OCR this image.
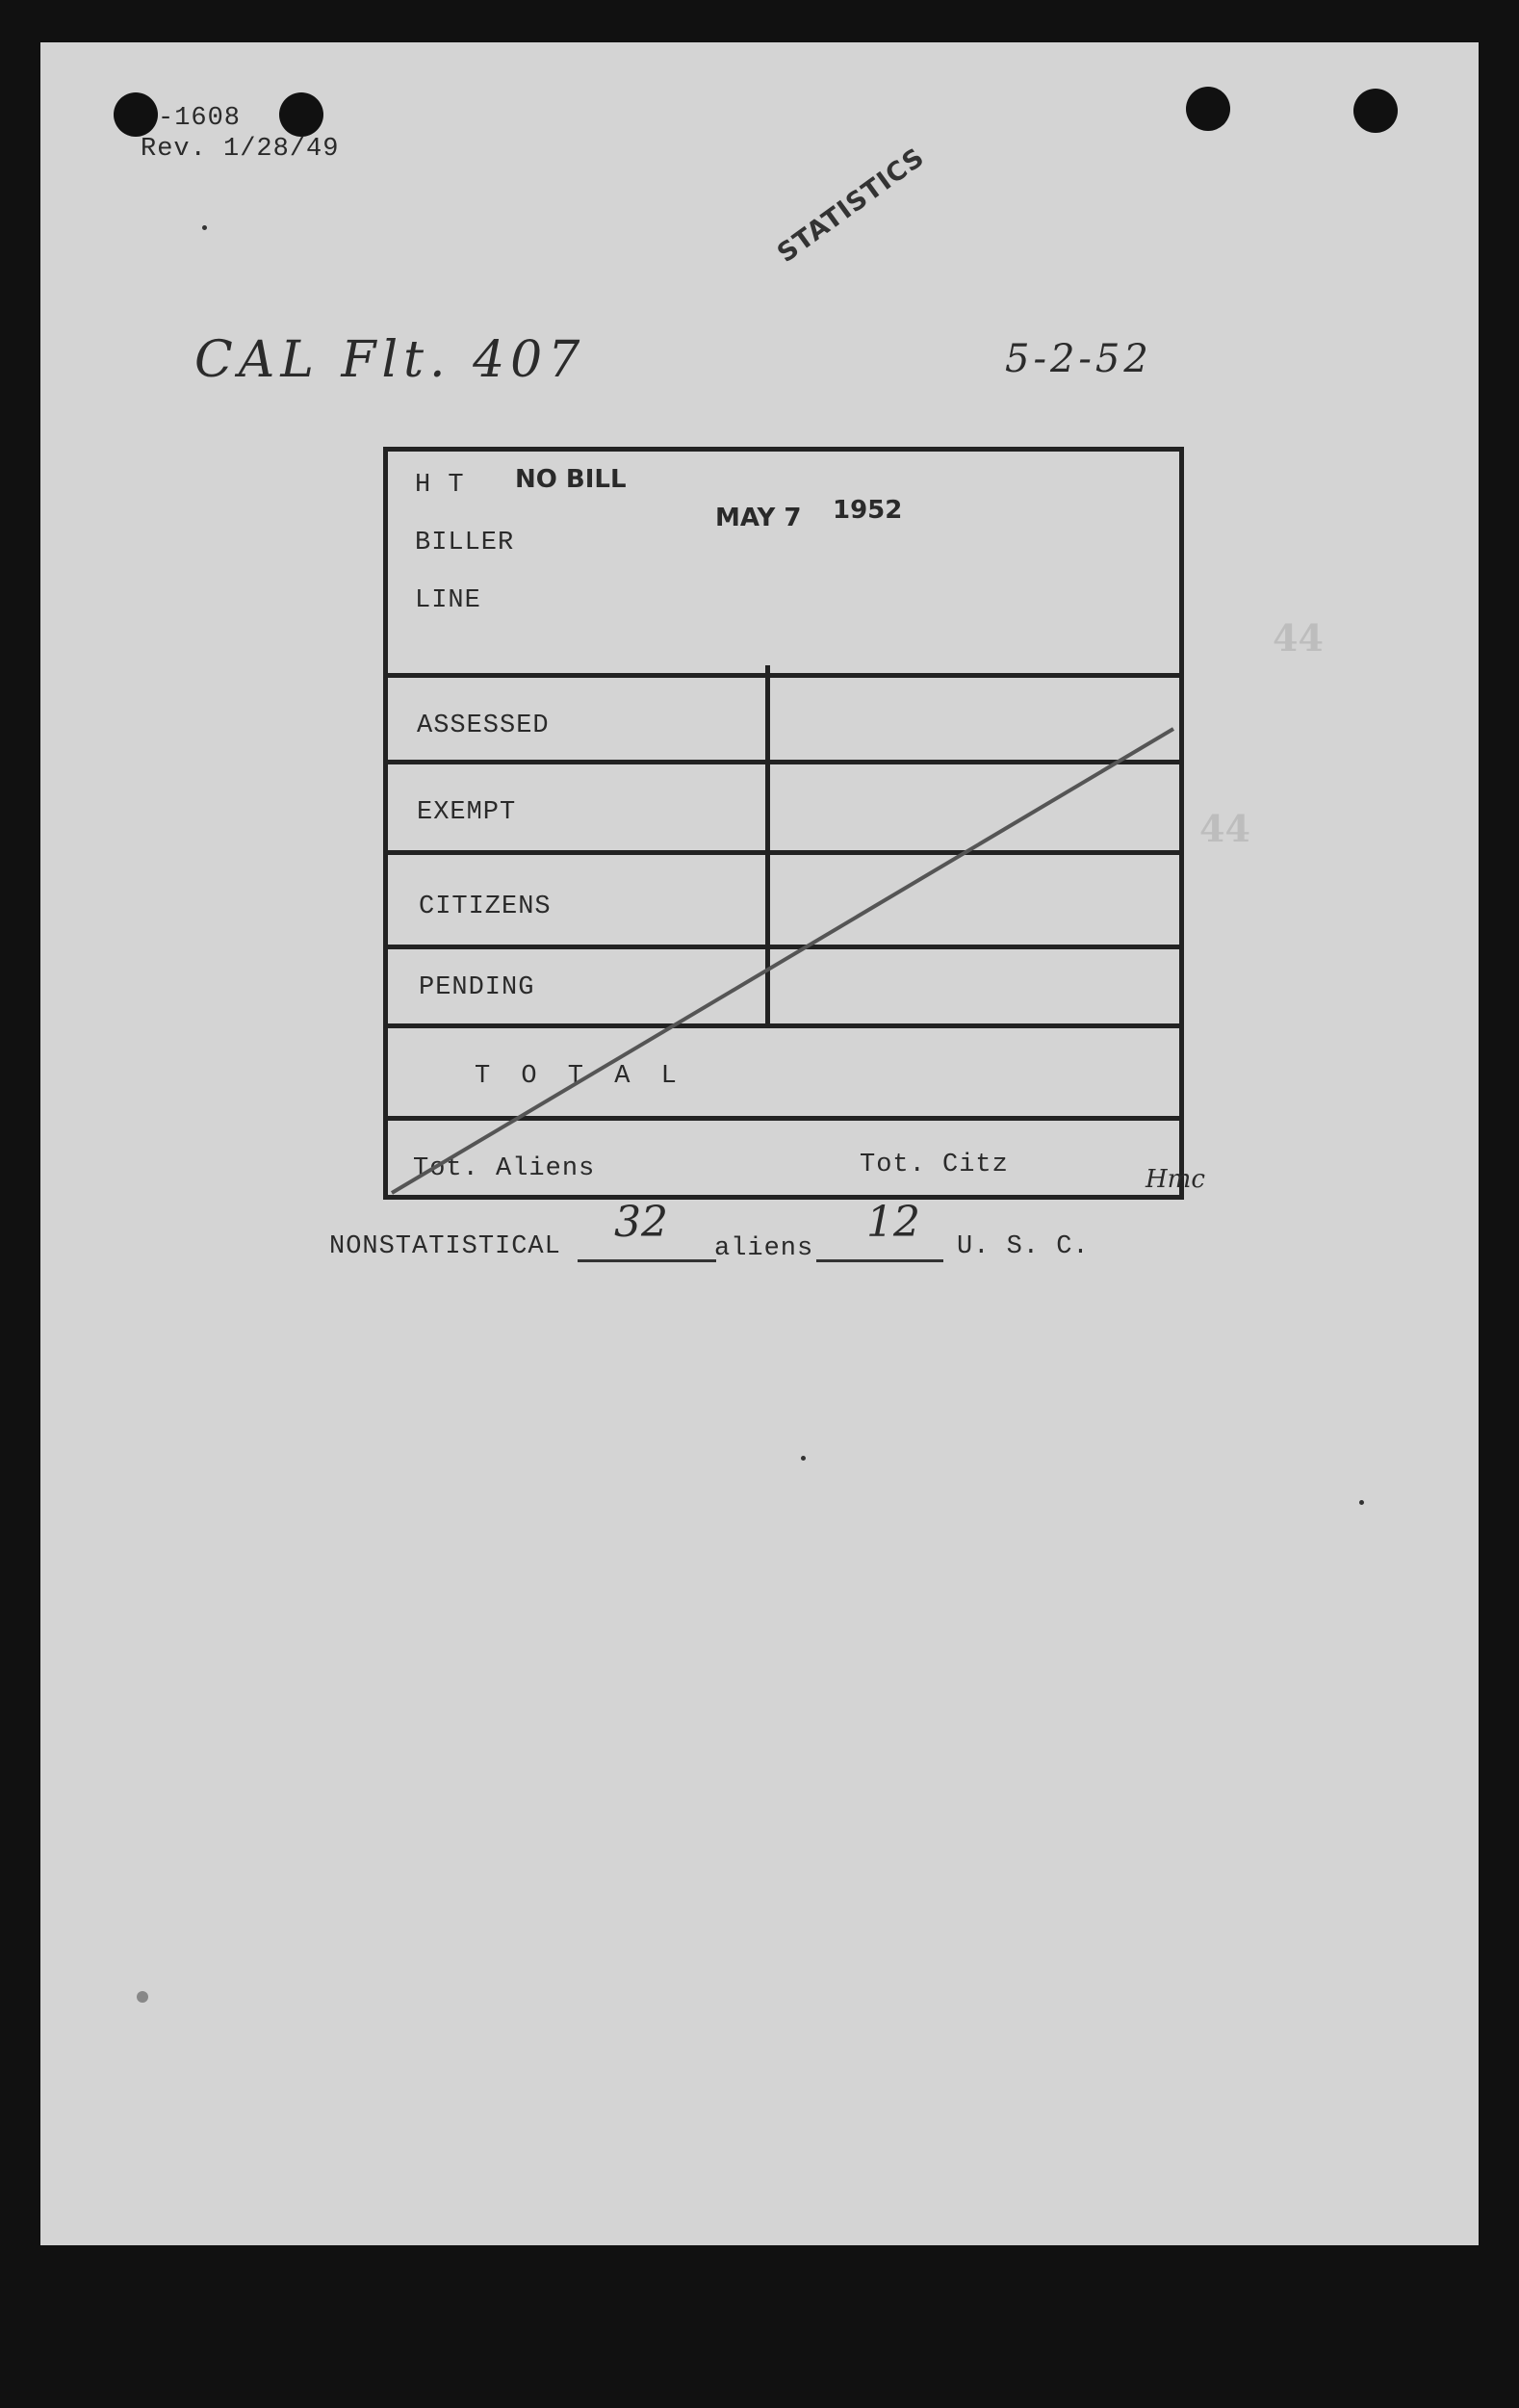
-1608
Rev. 1/28/49	STATISTICS
CAL Flt. 407	5-2-52
44
44
H T NO BILL
BILLER
LINE
MAY 7 1952
ASSESSED
EXEMPT
CITIZENS
PENDING
T O T A L
Tot. Aliens	Tot. Citz	Hmc
NONSTATISTICAL 32
aliens
12 U. S. C.
